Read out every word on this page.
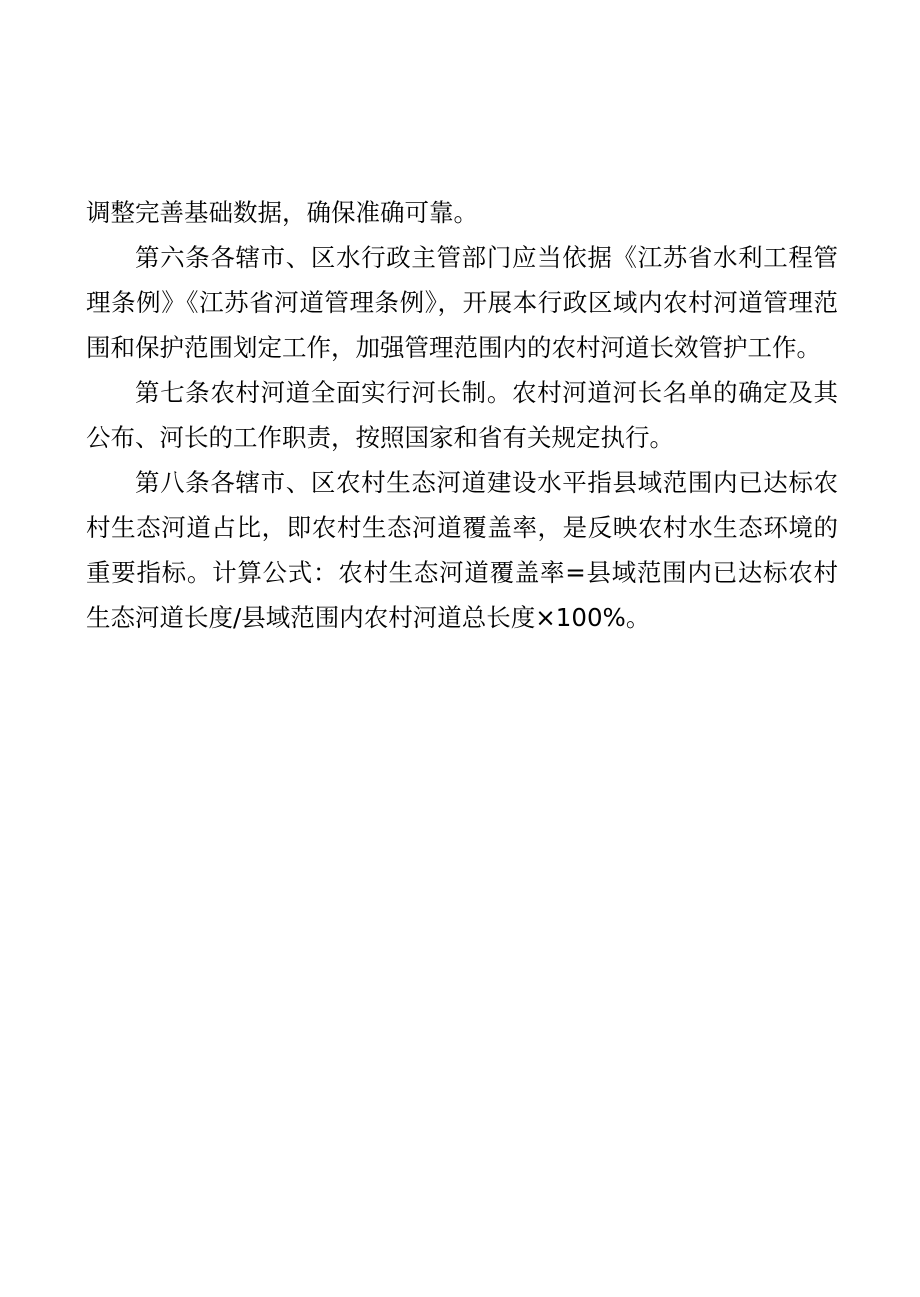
调整完善基础数据，确保准确可靠。

第六条各辖市、区水行政主管部门应当依据《江苏省水利工程管理条例》《江苏省河道管理条例》，开展本行政区域内农村河道管理范围和保护范围划定工作，加强管理范围内的农村河道长效管护工作。

第七条农村河道全面实行河长制。农村河道河长名单的确定及其公布、河长的工作职责，按照国家和省有关规定执行。

第八条各辖市、区农村生态河道建设水平指县域范围内已达标农村生态河道占比，即农村生态河道覆盖率，是反映农村水生态环境的重要指标。计算公式：农村生态河道覆盖率=县域范围内已达标农村生态河道长度/县域范围内农村河道总长度×100%。
